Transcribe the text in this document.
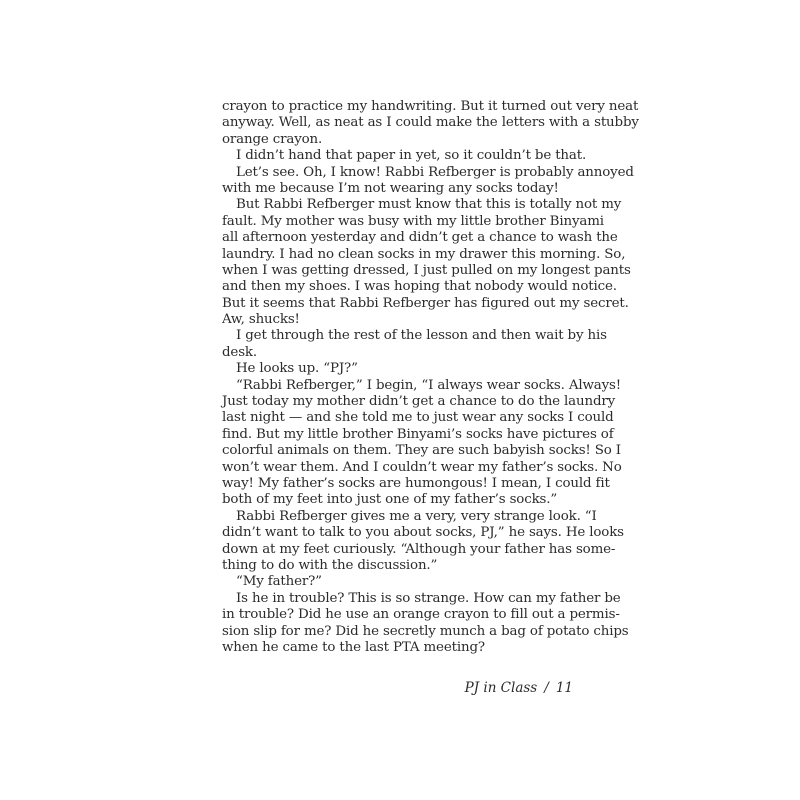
crayon to practice my handwriting. But it turned out very neat
anyway. Well, as neat as I could make the letters with a stubby
orange crayon.
I didn’t hand that paper in yet, so it couldn’t be that.
Let’s see. Oh, I know! Rabbi Refberger is probably annoyed
with me because I’m not wearing any socks today!
But Rabbi Refberger must know that this is totally not my
fault. My mother was busy with my little brother Binyami
all afternoon yesterday and didn’t get a chance to wash the
laundry. I had no clean socks in my drawer this morning. So,
when I was getting dressed, I just pulled on my longest pants
and then my shoes. I was hoping that nobody would notice.
But it seems that Rabbi Refberger has figured out my secret.
Aw, shucks!
I get through the rest of the lesson and then wait by his
desk.
He looks up. “PJ?”
“Rabbi Refberger,” I begin, “I always wear socks. Always!
Just today my mother didn’t get a chance to do the laundry
last night — and she told me to just wear any socks I could
find. But my little brother Binyami’s socks have pictures of
colorful animals on them. They are such babyish socks! So I
won’t wear them. And I couldn’t wear my father’s socks. No
way! My father’s socks are humongous! I mean, I could fit
both of my feet into just one of my father’s socks.”
Rabbi Refberger gives me a very, very strange look. “I
didn’t want to talk to you about socks, PJ,” he says. He looks
down at my feet curiously. “Although your father has some-
thing to do with the discussion.”
“My father?”
Is he in trouble? This is so strange. How can my father be
in trouble? Did he use an orange crayon to fill out a permis-
sion slip for me? Did he secretly munch a bag of potato chips
when he came to the last PTA meeting?
PJ in Class / 11
